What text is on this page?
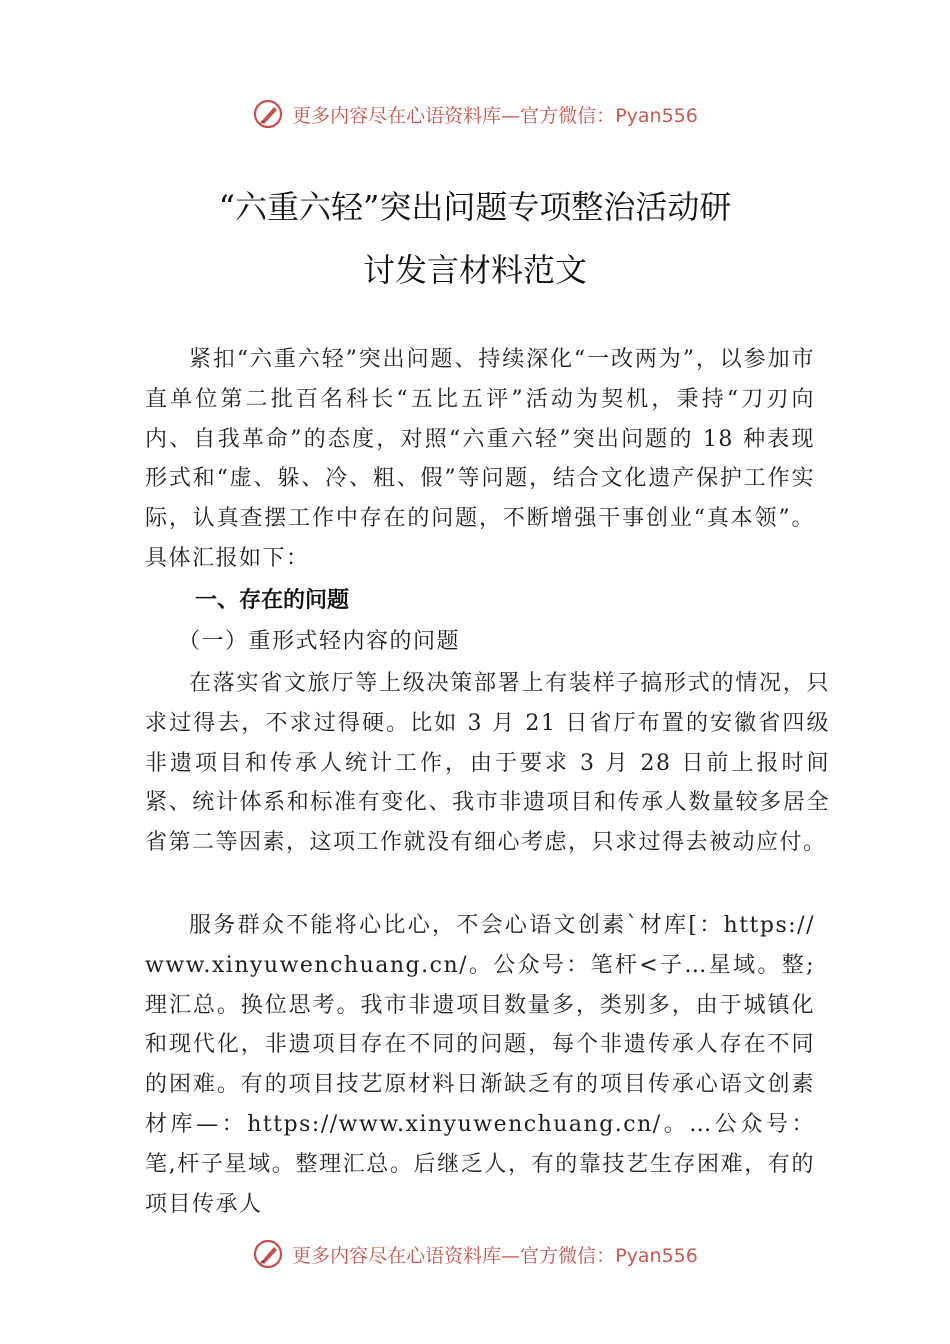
更多内容尽在心语资料库—官方微信：Pyan556
“六重六轻”突出问题专项整治活动研
讨发言材料范文
紧扣“六重六轻”突出问题、持续深化“一改两为”，以参加市直单位第二批百名科长“五比五评”活动为契机，秉持“刀刃向内、自我革命”的态度，对照“六重六轻”突出问题的 18 种表现形式和“虚、躲、冷、粗、假”等问题，结合文化遗产保护工作实际，认真查摆工作中存在的问题，不断增强干事创业“真本领”。具体汇报如下：
一、存在的问题
（一）重形式轻内容的问题
在落实省文旅厅等上级决策部署上有装样子搞形式的情况，只求过得去，不求过得硬。比如 3 月 21 日省厅布置的安徽省四级非遗项目和传承人统计工作，由于要求 3 月 28 日前上报时间紧、统计体系和标准有变化、我市非遗项目和传承人数量较多居全省第二等因素，这项工作就没有细心考虑，只求过得去被动应付。
服务群众不能将心比心，不会心语文创素`材库[：https://www.xinyuwenchuang.cn/。公众号：笔杆<子…星域。整;理汇总。换位思考。我市非遗项目数量多，类别多，由于城镇化和现代化，非遗项目存在不同的问题，每个非遗传承人存在不同的困难。有的项目技艺原材料日渐缺乏有的项目传承心语文创素材库—：https://www.xinyuwenchuang.cn/。…公众号：笔,杆子星域。整理汇总。后继乏人，有的靠技艺生存困难，有的项目传承人
更多内容尽在心语资料库—官方微信：Pyan556
